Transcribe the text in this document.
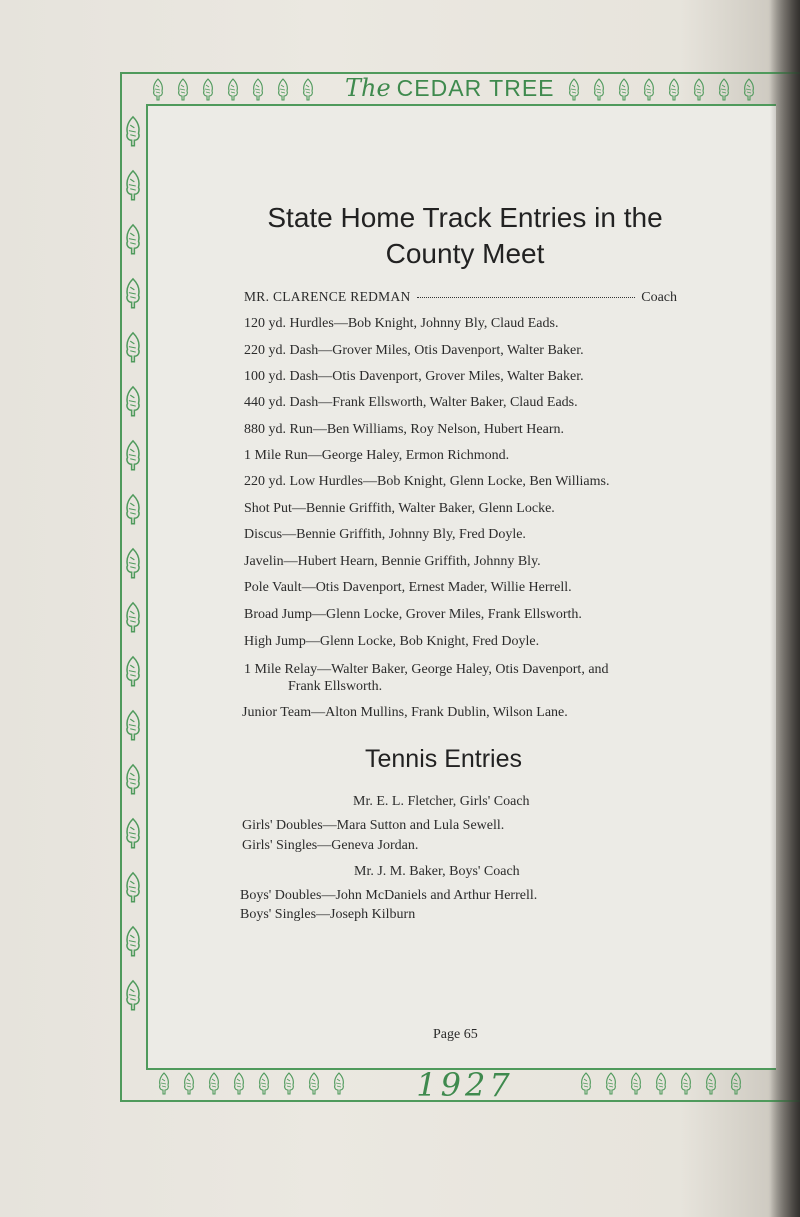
The CEDAR TREE
1927
State Home Track Entries in the
County Meet
MR. CLARENCE REDMAN	Coach
120 yd. Hurdles—Bob Knight, Johnny Bly, Claud Eads.
220 yd. Dash—Grover Miles, Otis Davenport, Walter Baker.
100 yd. Dash—Otis Davenport, Grover Miles, Walter Baker.
440 yd. Dash—Frank Ellsworth, Walter Baker, Claud Eads.
880 yd. Run—Ben Williams, Roy Nelson, Hubert Hearn.
1 Mile Run—George Haley, Ermon Richmond.
220 yd. Low Hurdles—Bob Knight, Glenn Locke, Ben Williams.
Shot Put—Bennie Griffith, Walter Baker, Glenn Locke.
Discus—Bennie Griffith, Johnny Bly, Fred Doyle.
Javelin—Hubert Hearn, Bennie Griffith, Johnny Bly.
Pole Vault—Otis Davenport, Ernest Mader, Willie Herrell.
Broad Jump—Glenn Locke, Grover Miles, Frank Ellsworth.
High Jump—Glenn Locke, Bob Knight, Fred Doyle.
1 Mile Relay—Walter Baker, George Haley, Otis Davenport, and
Frank Ellsworth.
Junior Team—Alton Mullins, Frank Dublin, Wilson Lane.
Tennis Entries
Mr. E. L. Fletcher, Girls' Coach
Girls' Doubles—Mara Sutton and Lula Sewell.
Girls' Singles—Geneva Jordan.
Mr. J. M. Baker, Boys' Coach
Boys' Doubles—John McDaniels and Arthur Herrell.
Boys' Singles—Joseph Kilburn
Page 65
